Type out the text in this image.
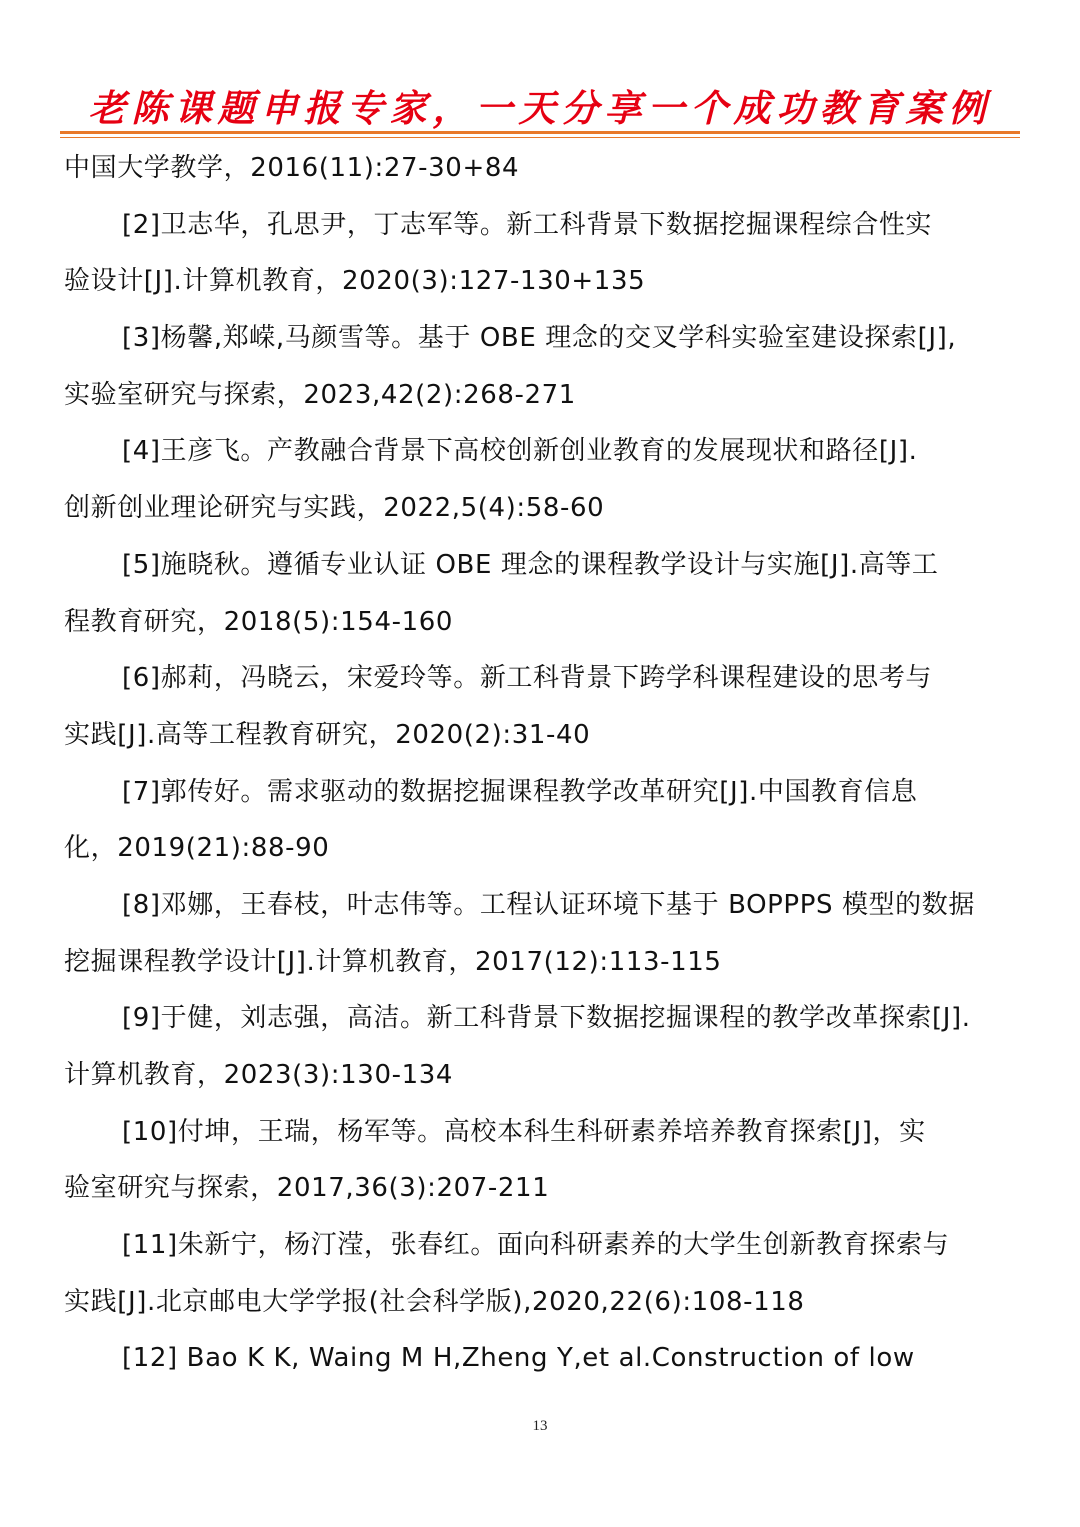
老陈课题申报专家，一天分享一个成功教育案例
中国大学教学，2016(11):27-30+84
[2]卫志华，孔思尹，丁志军等。新工科背景下数据挖掘课程综合性实
验设计[J].计算机教育，2020(3):127-130+135
[3]杨馨,郑嵘,马颜雪等。基于 OBE 理念的交叉学科实验室建设探索[J],
实验室研究与探索，2023,42(2):268-271
[4]王彦飞。产教融合背景下高校创新创业教育的发展现状和路径[J].
创新创业理论研究与实践，2022,5(4):58-60
[5]施晓秋。遵循专业认证 OBE 理念的课程教学设计与实施[J].高等工
程教育研究，2018(5):154-160
[6]郝莉，冯晓云，宋爱玲等。新工科背景下跨学科课程建设的思考与
实践[J].高等工程教育研究，2020(2):31-40
[7]郭传好。需求驱动的数据挖掘课程教学改革研究[J].中国教育信息
化，2019(21):88-90
[8]邓娜，王春枝，叶志伟等。工程认证环境下基于 BOPPPS 模型的数据
挖掘课程教学设计[J].计算机教育，2017(12):113-115
[9]于健，刘志强，高洁。新工科背景下数据挖掘课程的教学改革探索[J].
计算机教育，2023(3):130-134
[10]付坤，王瑞，杨军等。高校本科生科研素养培养教育探索[J]，实
验室研究与探索，2017,36(3):207-211
[11]朱新宁，杨汀滢，张春红。面向科研素养的大学生创新教育探索与
实践[J].北京邮电大学学报(社会科学版),2020,22(6):108-118
[12] Bao K K, Waing M H,Zheng Y,et al.Construction of low
13
